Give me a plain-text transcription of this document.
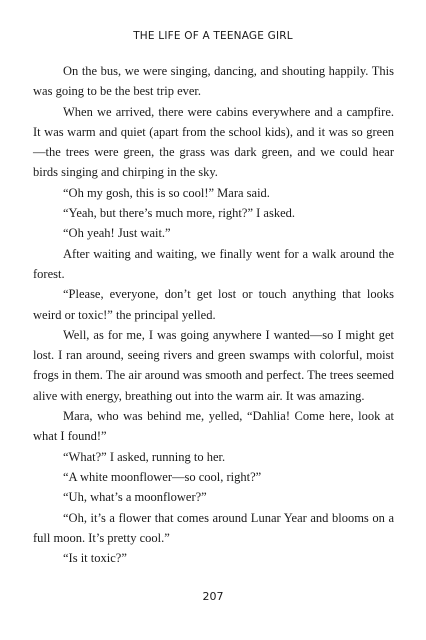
THE LIFE OF A TEENAGE GIRL

On the bus, we were singing, dancing, and shouting happily. This was going to be the best trip ever.

When we arrived, there were cabins everywhere and a campfire. It was warm and quiet (apart from the school kids), and it was so green—the trees were green, the grass was dark green, and we could hear birds singing and chirping in the sky.

“Oh my gosh, this is so cool!” Mara said.

“Yeah, but there’s much more, right?” I asked.

“Oh yeah! Just wait.”

After waiting and waiting, we finally went for a walk around the forest.

“Please, everyone, don’t get lost or touch anything that looks weird or toxic!” the principal yelled.

Well, as for me, I was going anywhere I wanted—so I might get lost. I ran around, seeing rivers and green swamps with colorful, moist frogs in them. The air around was smooth and perfect. The trees seemed alive with energy, breathing out into the warm air. It was amazing.

Mara, who was behind me, yelled, “Dahlia! Come here, look at what I found!”

“What?” I asked, running to her.

“A white moonflower—so cool, right?”

“Uh, what’s a moonflower?”

“Oh, it’s a flower that comes around Lunar Year and blooms on a full moon. It’s pretty cool.”

“Is it toxic?”

207
